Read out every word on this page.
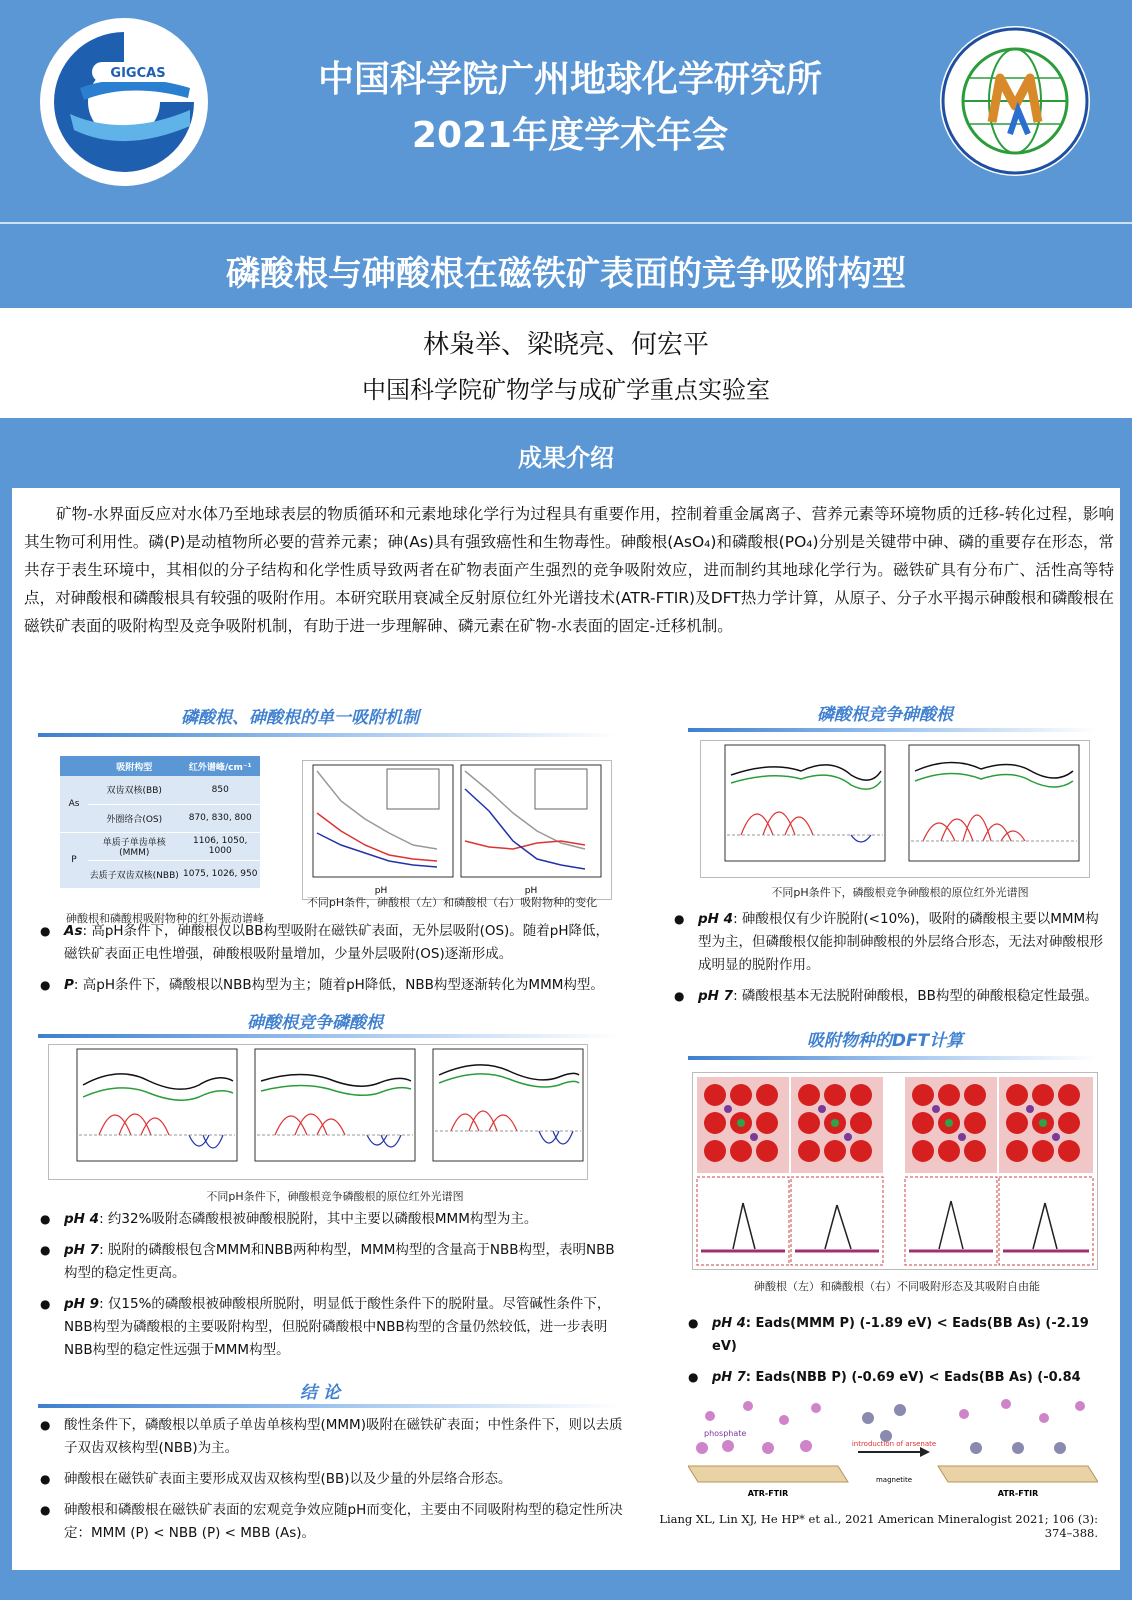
GIGCAS	中国科学院广州地球化学研究所
2021年度学术年会
磷酸根与砷酸根在磁铁矿表面的竞争吸附构型
林枭举、梁晓亮、何宏平
中国科学院矿物学与成矿学重点实验室
成果介绍
矿物-水界面反应对水体乃至地球表层的物质循环和元素地球化学行为过程具有重要作用，控制着重金属离子、营养元素等环境物质的迁移-转化过程，影响其生物可利用性。磷(P)是动植物所必要的营养元素；砷(As)具有强致癌性和生物毒性。砷酸根(AsO₄)和磷酸根(PO₄)分别是关键带中砷、磷的重要存在形态，常共存于表生环境中，其相似的分子结构和化学性质导致两者在矿物表面产生强烈的竞争吸附效应，进而制约其地球化学行为。磁铁矿具有分布广、活性高等特点，对砷酸根和磷酸根具有较强的吸附作用。本研究联用衰减全反射原位红外光谱技术(ATR-FTIR)及DFT热力学计算，从原子、分子水平揭示砷酸根和磷酸根在磁铁矿表面的吸附构型及竞争吸附机制，有助于进一步理解砷、磷元素在矿物-水表面的固定-迁移机制。
磷酸根、砷酸根的单一吸附机制
	吸附构型	红外谱峰/cm⁻¹
As	双齿双核(BB)	850
	外圈络合(OS)	870, 830, 800
P	单质子单齿单核(MMM)	1106, 1050, 1000
	去质子双齿双核(NBB)	1075, 1026, 950
砷酸根和磷酸根吸附物种的红外振动谱峰
pH	pH
不同pH条件，砷酸根（左）和磷酸根（右）吸附物种的变化
● As: 高pH条件下，砷酸根仅以BB构型吸附在磁铁矿表面，无外层吸附(OS)。随着pH降低，磁铁矿表面正电性增强，砷酸根吸附量增加，少量外层吸附(OS)逐渐形成。
● P: 高pH条件下，磷酸根以NBB构型为主；随着pH降低，NBB构型逐渐转化为MMM构型。
砷酸根竞争磷酸根
不同pH条件下，砷酸根竞争磷酸根的原位红外光谱图
● pH 4: 约32%吸附态磷酸根被砷酸根脱附，其中主要以磷酸根MMM构型为主。
● pH 7: 脱附的磷酸根包含MMM和NBB两种构型，MMM构型的含量高于NBB构型，表明NBB构型的稳定性更高。
● pH 9: 仅15%的磷酸根被砷酸根所脱附，明显低于酸性条件下的脱附量。尽管碱性条件下，NBB构型为磷酸根的主要吸附构型，但脱附磷酸根中NBB构型的含量仍然较低，进一步表明NBB构型的稳定性远强于MMM构型。
结 论
● 酸性条件下，磷酸根以单质子单齿单核构型(MMM)吸附在磁铁矿表面；中性条件下，则以去质子双齿双核构型(NBB)为主。
● 砷酸根在磁铁矿表面主要形成双齿双核构型(BB)以及少量的外层络合形态。
● 砷酸根和磷酸根在磁铁矿表面的宏观竞争效应随pH而变化，主要由不同吸附构型的稳定性所决定：MMM (P) < NBB (P) < MBB (As)。
磷酸根竞争砷酸根
不同pH条件下，磷酸根竞争砷酸根的原位红外光谱图
● pH 4: 砷酸根仅有少许脱附(<10%)，吸附的磷酸根主要以MMM构型为主，但磷酸根仅能抑制砷酸根的外层络合形态，无法对砷酸根形成明显的脱附作用。
● pH 7: 磷酸根基本无法脱附砷酸根，BB构型的砷酸根稳定性最强。
吸附物种的DFT计算
砷酸根（左）和磷酸根（右）不同吸附形态及其吸附自由能
● pH 4: Eads(MMM P) (-1.89 eV) < Eads(BB As) (-2.19 eV)
● pH 7: Eads(NBB P) (-0.69 eV) < Eads(BB As) (-0.84
introduction of arsenate
phosphate
ATR-FTIR
magnetite
ATR-FTIR
Liang XL, Lin XJ, He HP* et al., 2021 American Mineralogist 2021; 106 (3): 374–388.
